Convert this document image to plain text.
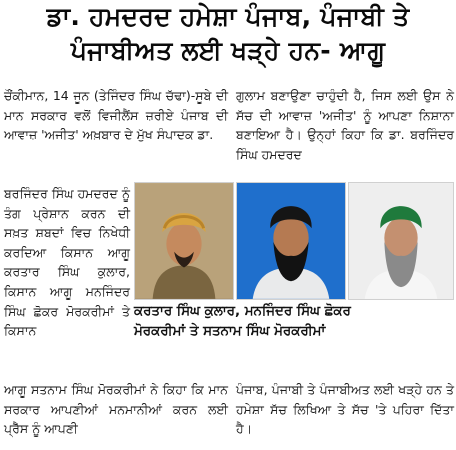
ਡਾ. ਹਮਦਰਦ ਹਮੇਸ਼ਾ ਪੰਜਾਬ, ਪੰਜਾਬੀ ਤੇ
ਪੰਜਾਬੀਅਤ ਲਈ ਖੜ੍ਹੇ ਹਨ- ਆਗੂ

ਚੌਂਕੀਮਾਨ, 14 ਜੂਨ (ਤੇਜਿੰਦਰ ਸਿੰਘ ਚੱਢਾ)-ਸੂਬੇ ਦੀ ਮਾਨ ਸਰਕਾਰ ਵਲੋਂ ਵਿਜੀਲੈਂਸ ਜ਼ਰੀਏ ਪੰਜਾਬ ਦੀ ਆਵਾਜ਼ 'ਅਜੀਤ' ਅਖ਼ਬਾਰ ਦੇ ਮੁੱਖ ਸੰਪਾਦਕ ਡਾ.

ਗੁਲਾਮ ਬਣਾਉਣਾ ਚਾਹੁੰਦੀ ਹੈ, ਜਿਸ ਲਈ ਉਸ ਨੇ ਸੱਚ ਦੀ ਆਵਾਜ਼ 'ਅਜੀਤ' ਨੂੰ ਆਪਣਾ ਨਿਸ਼ਾਨਾ ਬਣਾਇਆ ਹੈ। ਉਨ੍ਹਾਂ ਕਿਹਾ ਕਿ ਡਾ. ਬਰਜਿੰਦਰ ਸਿੰਘ ਹਮਦਰਦ

ਬਰਜਿੰਦਰ ਸਿੰਘ ਹਮਦਰਦ ਨੂੰ ਤੰਗ ਪ੍ਰੇਸ਼ਾਨ ਕਰਨ ਦੀ ਸਖ਼ਤ ਸ਼ਬਦਾਂ ਵਿਚ ਨਿਖੇਧੀ ਕਰਦਿਆ ਕਿਸਾਨ ਆਗੂ ਕਰਤਾਰ ਸਿੰਘ ਕੁਲਾਰ, ਕਿਸਾਨ ਆਗੂ ਮਨਜਿੰਦਰ ਸਿੰਘ ਛੋਕਰ ਮੋਰਕਰੀਮਾਂ ਤੇ ਕਿਸਾਨ

ਕਰਤਾਰ ਸਿੰਘ ਕੁਲਾਰ, ਮਨਜਿੰਦਰ ਸਿੰਘ ਛੋਕਰ
ਮੋਰਕਰੀਮਾਂ ਤੇ ਸਤਨਾਮ ਸਿੰਘ ਮੋਰਕਰੀਮਾਂ

ਆਗੂ ਸਤਨਾਮ ਸਿੰਘ ਮੋਰਕਰੀਮਾਂ ਨੇ ਕਿਹਾ ਕਿ ਮਾਨ ਸਰਕਾਰ ਆਪਣੀਆਂ ਮਨਮਾਨੀਆਂ ਕਰਨ ਲਈ ਪ੍ਰੈੱਸ ਨੂੰ ਆਪਣੀ

ਪੰਜਾਬ, ਪੰਜਾਬੀ ਤੇ ਪੰਜਾਬੀਅਤ ਲਈ ਖੜ੍ਹੇ ਹਨ ਤੇ ਹਮੇਸ਼ਾ ਸੱਚ ਲਿਖਿਆ ਤੇ ਸੱਚ 'ਤੇ ਪਹਿਰਾ ਦਿੱਤਾ ਹੈ।
